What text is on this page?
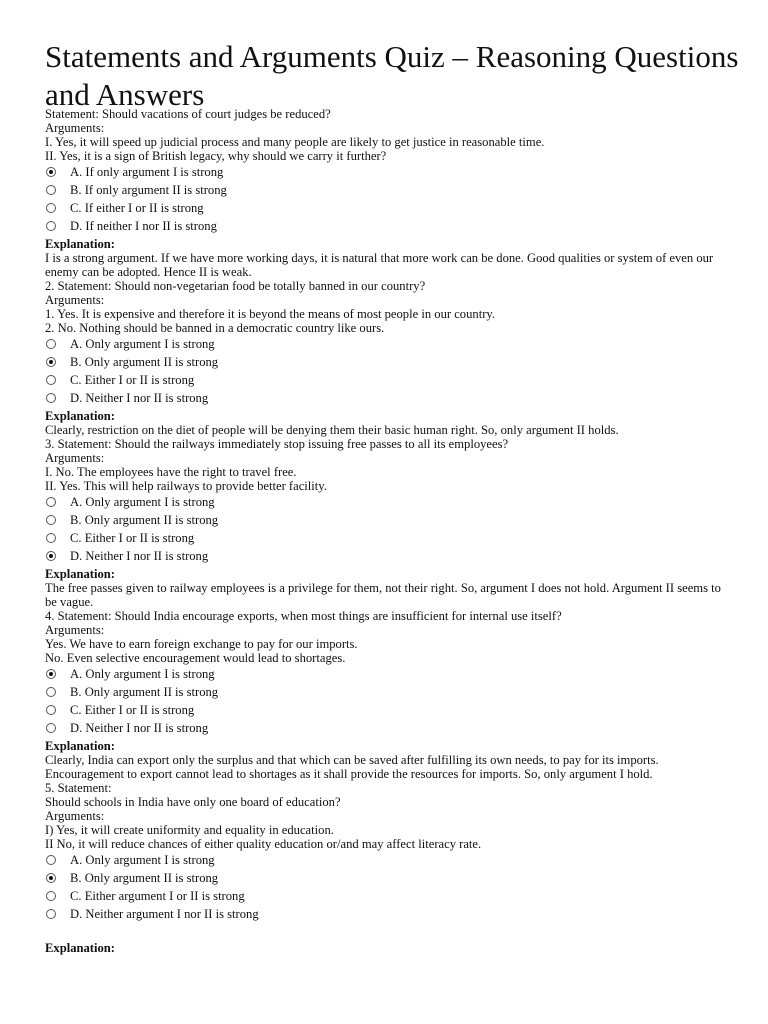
Statements and Arguments Quiz – Reasoning Questions and Answers
Statement: Should vacations of court judges be reduced?
Arguments:
I. Yes, it will speed up judicial process and many people are likely to get justice in reasonable time.
II. Yes, it is a sign of British legacy, why should we carry it further?
A. If only argument I is strong
B. If only argument II is strong
C. If either I or II is strong
D. If neither I nor II is strong
Explanation:
I is a strong argument. If we have more working days, it is natural that more work can be done. Good qualities or system of even our enemy can be adopted. Hence II is weak.
2. Statement: Should non-vegetarian food be totally banned in our country?
Arguments:
1. Yes. It is expensive and therefore it is beyond the means of most people in our country.
2. No. Nothing should be banned in a democratic country like ours.
A. Only argument I is strong
B. Only argument II is strong
C. Either I or II is strong
D. Neither I nor II is strong
Explanation:
Clearly, restriction on the diet of people will be denying them their basic human right. So, only argument II holds.
3. Statement: Should the railways immediately stop issuing free passes to all its employees?
Arguments:
I. No. The employees have the right to travel free.
II. Yes. This will help railways to provide better facility.
A. Only argument I is strong
B. Only argument II is strong
C. Either I or II is strong
D. Neither I nor II is strong
Explanation:
The free passes given to railway employees is a privilege for them, not their right. So, argument I does not hold. Argument II seems to be vague.
4. Statement: Should India encourage exports, when most things are insufficient for internal use itself?
Arguments:
Yes. We have to earn foreign exchange to pay for our imports.
No. Even selective encouragement would lead to shortages.
A. Only argument I is strong
B. Only argument II is strong
C. Either I or II is strong
D. Neither I nor II is strong
Explanation:
Clearly, India can export only the surplus and that which can be saved after fulfilling its own needs, to pay for its imports. Encouragement to export cannot lead to shortages as it shall provide the resources for imports. So, only argument I hold.
5. Statement:
Should schools in India have only one board of education?
Arguments:
I) Yes, it will create uniformity and equality in education.
II No, it will reduce chances of either quality education or/and may affect literacy rate.
A. Only argument I is strong
B. Only argument II is strong
C. Either argument I or II is strong
D. Neither argument I nor II is strong
Explanation:
